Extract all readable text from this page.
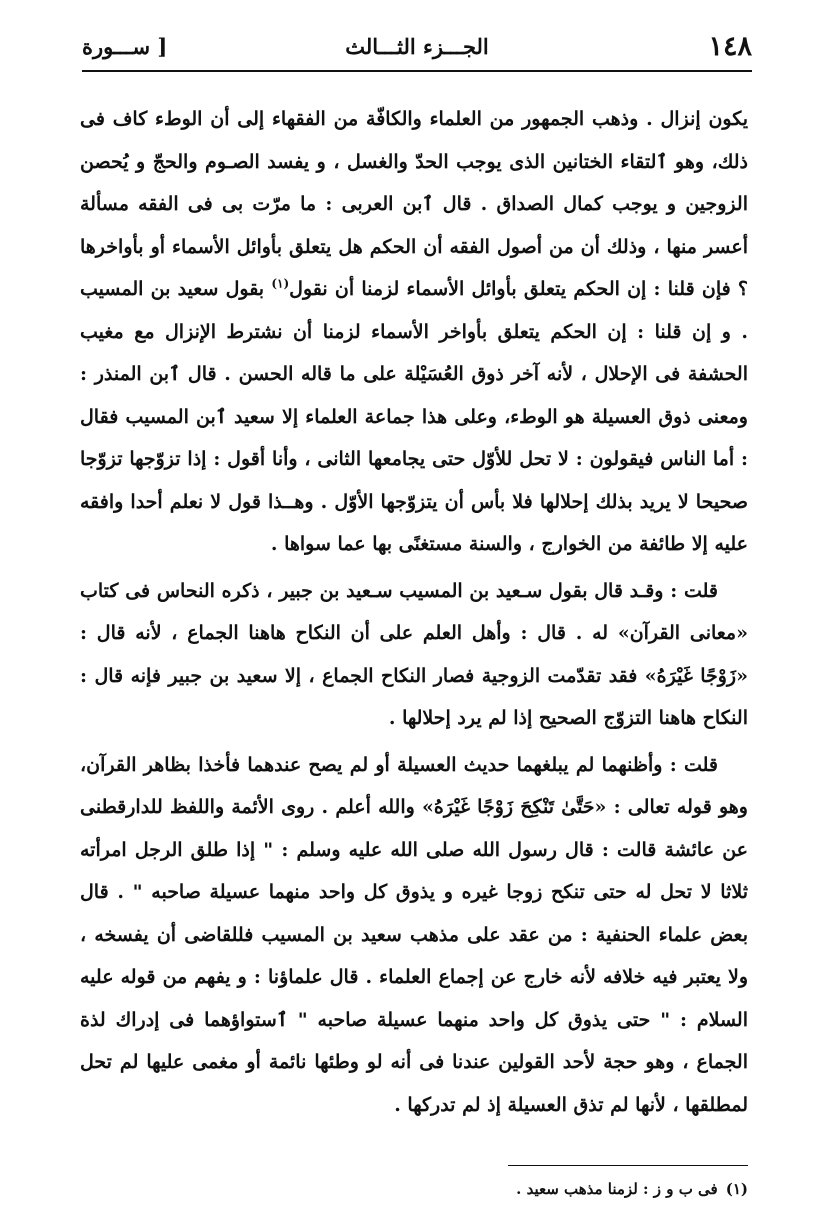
١٤٨
الجـــزء الثـــالث
[ ســـورة

يكون إنزال . وذهب الجمهور من العلماء والكافّة من الفقهاء إلى أن الوطء كاف فى ذلك، وهو ٱلتقاء الختانين الذى يوجب الحدّ والغسل ، و يفسد الصـوم والحجّ و يُحصن الزوجين و يوجب كمال الصداق . قال ٱبن العربى : ما مرّت بى فى الفقه مسألة أعسر منها ، وذلك أن من أصول الفقه أن الحكم هل يتعلق بأوائل الأسماء أو بأواخرها ؟ فإن قلنا : إن الحكم يتعلق بأوائل الأسماء لزمنا أن نقول$^{(١)}$ بقول سعيد بن المسيب . و إن قلنا : إن الحكم يتعلق بأواخر الأسماء لزمنا أن نشترط الإنزال مع مغيب الحشفة فى الإحلال ، لأنه آخر ذوق العُسَيْلة على ما قاله الحسن . قال ٱبن المنذر : ومعنى ذوق العسيلة هو الوطء، وعلى هذا جماعة العلماء إلا سعيد ٱبن المسيب فقال : أما الناس فيقولون : لا تحل للأوّل حتى يجامعها الثانى ، وأنا أقول : إذا تزوّجها تزوّجا صحيحا لا يريد بذلك إحلالها فلا بأس أن يتزوّجها الأوّل . وهــذا قول لا نعلم أحدا وافقه عليه إلا طائفة من الخوارج ، والسنة مستغنًى بها عما سواها .

قلت : وقـد قال بقول سـعيد بن المسيب سـعيد بن جبير ، ذكره النحاس فى كتاب «معانى القرآن» له . قال : وأهل العلم على أن النكاح هاهنا الجماع ، لأنه قال : «زَوْجًا غَيْرَهُ» فقد تقدّمت الزوجية فصار النكاح الجماع ، إلا سعيد بن جبير فإنه قال : النكاح هاهنا التزوّج الصحيح إذا لم يرد إحلالها .

قلت : وأظنهما لم يبلغهما حديث العسيلة أو لم يصح عندهما فأخذا بظاهر القرآن، وهو قوله تعالى : «حَتَّىٰ تَنْكِحَ زَوْجًا غَيْرَهُ» والله أعلم . روى الأئمة واللفظ للدارقطنى عن عائشة قالت : قال رسول الله صلى الله عليه وسلم : " إذا طلق الرجل امرأته ثلاثا لا تحل له حتى تنكح زوجا غيره و يذوق كل واحد منهما عسيلة صاحبه " . قال بعض علماء الحنفية : من عقد على مذهب سعيد بن المسيب فللقاضى أن يفسخه ، ولا يعتبر فيه خلافه لأنه خارج عن إجماع العلماء . قال علماؤنا : و يفهم من قوله عليه السلام : " حتى يذوق كل واحد منهما عسيلة صاحبه " ٱستواؤهما فى إدراك لذة الجماع ، وهو حجة لأحد القولين عندنا فى أنه لو وطئها نائمة أو مغمى عليها لم تحل لمطلقها ، لأنها لم تذق العسيلة إذ لم تدركها .

(١)فى ب و ز : لزمنا مذهب سعيد .
